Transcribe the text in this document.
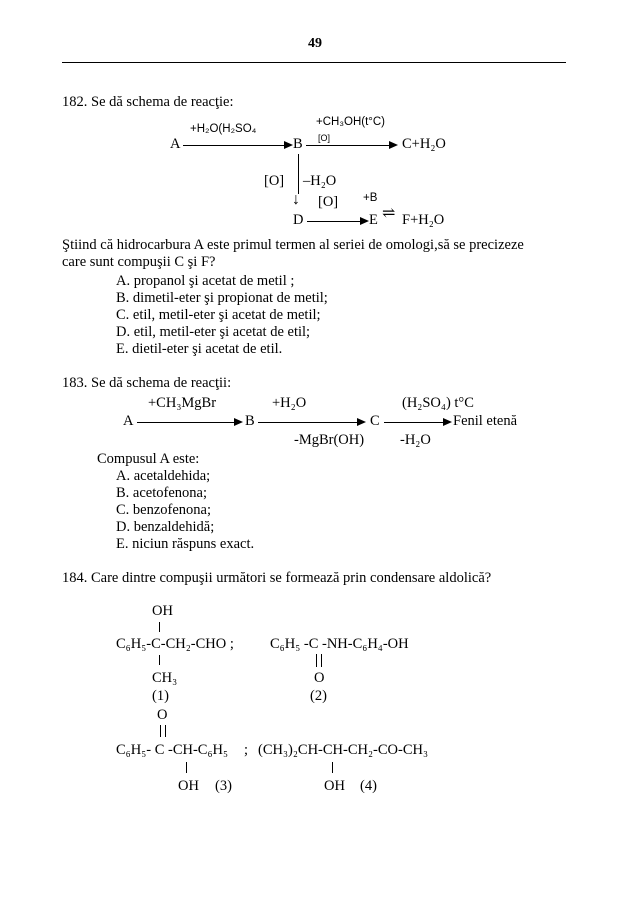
49
182. Se dă schema de reacţie:
+H₂O(H₂SO₄
+CH₃OH(t°C)
[O]
A	B	C+H₂O
[O] –H₂O
↓ [O] +B
D	E ⇌ F+H₂O
Ştiind că hidrocarbura A este primul termen al seriei de omologi,să se precizeze
care sunt compuşii C şi F?
A. propanol şi acetat de metil ;
B. dimetil-eter şi propionat de metil;
C. etil, metil-eter şi acetat de metil;
D. etil, metil-eter şi acetat de etil;
E. dietil-eter şi acetat de etil.
183. Se dă schema de reacţii:
+CH₃MgBr	+H₂O	(H₂SO₄) t°C
A	B	C	Fenil etenă
-MgBr(OH) -H₂O
Compusul A este:
A. acetaldehida;
B. acetofenona;
C. benzofenona;
D. benzaldehidă;
E. niciun răspuns exact.
184. Care dintre compuşii următori se formează prin condensare aldolică?
OH
C₆H₅-C-CH₂-CHO ;
CH₃
(1)
C₆H₅ -C -NH-C₆H₄-OH
O
(2)
O
C₆H₅- C -CH-C₆H₅ ; (CH₃)₂CH-CH-CH₂-CO-CH₃
OH (3)	OH (4)
